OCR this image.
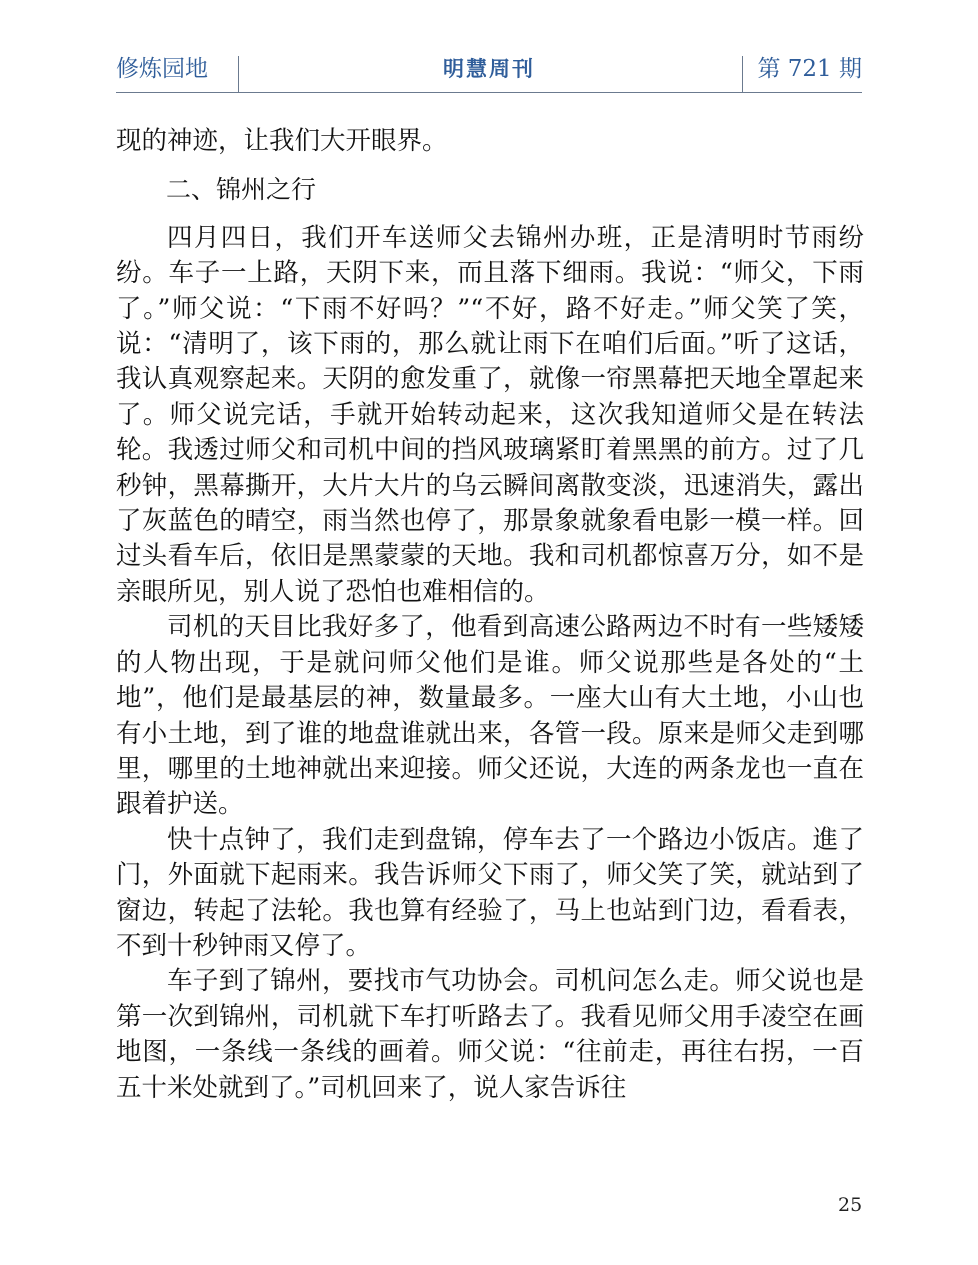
修炼园地	明慧周刊	第 721 期

现的神迹，让我们大开眼界。

二、锦州之行

四月四日，我们开车送师父去锦州办班，正是清明时节雨纷纷。车子一上路，天阴下来，而且落下细雨。我说：“师父，下雨了。”师父说：“下雨不好吗？”“不好，路不好走。”师父笑了笑，说：“清明了，该下雨的，那么就让雨下在咱们后面。”听了这话，我认真观察起来。天阴的愈发重了，就像一帘黑幕把天地全罩起来了。师父说完话，手就开始转动起来，这次我知道师父是在转法轮。我透过师父和司机中间的挡风玻璃紧盯着黑黑的前方。过了几秒钟，黑幕撕开，大片大片的乌云瞬间离散变淡，迅速消失，露出了灰蓝色的晴空，雨当然也停了，那景象就象看电影一模一样。回过头看车后，依旧是黑蒙蒙的天地。我和司机都惊喜万分，如不是亲眼所见，别人说了恐怕也难相信的。

司机的天目比我好多了，他看到高速公路两边不时有一些矮矮的人物出现，于是就问师父他们是谁。师父说那些是各处的“土地”，他们是最基层的神，数量最多。一座大山有大土地，小山也有小土地，到了谁的地盘谁就出来，各管一段。原来是师父走到哪里，哪里的土地神就出来迎接。师父还说，大连的两条龙也一直在跟着护送。

快十点钟了，我们走到盘锦，停车去了一个路边小饭店。進了门，外面就下起雨来。我告诉师父下雨了，师父笑了笑，就站到了窗边，转起了法轮。我也算有经验了，马上也站到门边，看看表，不到十秒钟雨又停了。

车子到了锦州，要找市气功协会。司机问怎么走。师父说也是第一次到锦州，司机就下车打听路去了。我看见师父用手凌空在画地图，一条线一条线的画着。师父说：“往前走，再往右拐，一百五十米处就到了。”司机回来了，说人家告诉往

25
